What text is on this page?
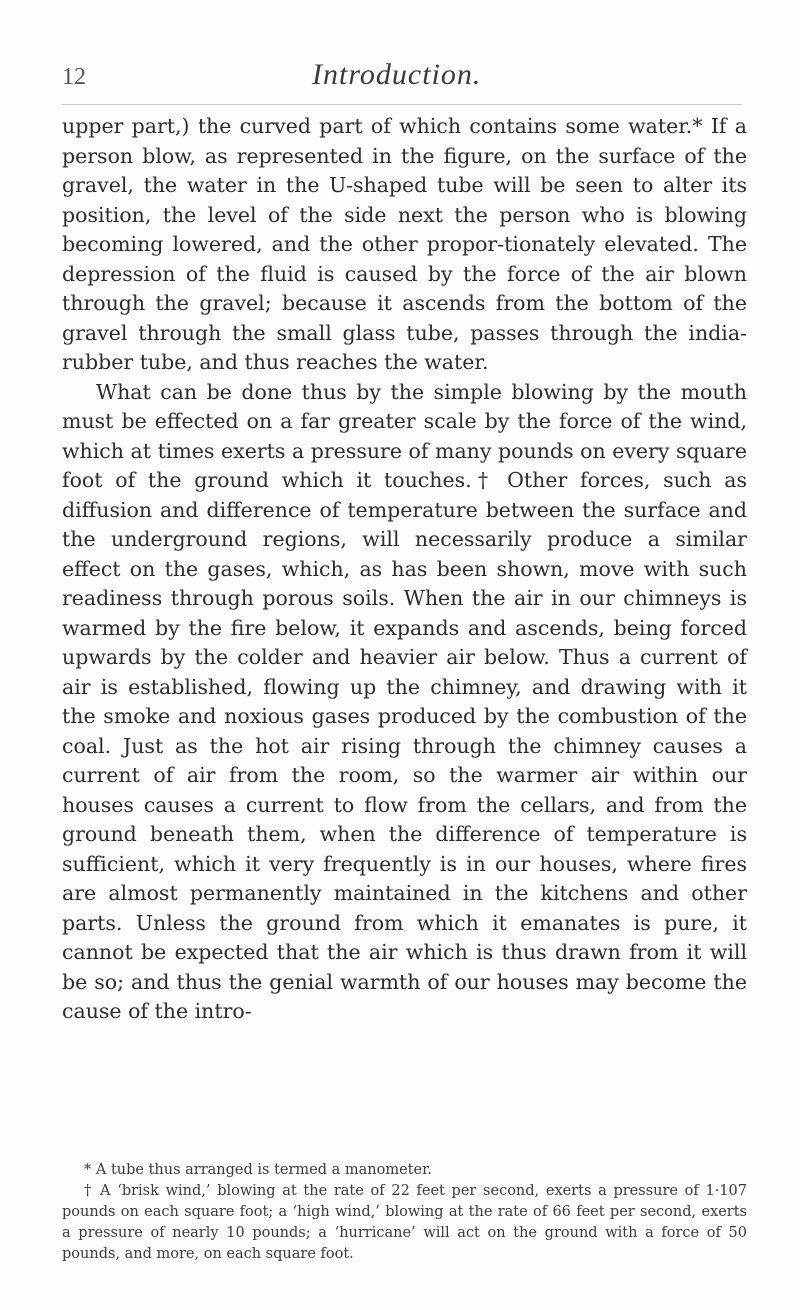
12	Introduction.

upper part,) the curved part of which contains some water.* If a person blow, as represented in the figure, on the surface of the gravel, the water in the U-shaped tube will be seen to alter its position, the level of the side next the person who is blowing becoming lowered, and the other propor-tionately elevated. The depression of the fluid is caused by the force of the air blown through the gravel; because it ascends from the bottom of the gravel through the small glass tube, passes through the india-rubber tube, and thus reaches the water.

What can be done thus by the simple blowing by the mouth must be effected on a far greater scale by the force of the wind, which at times exerts a pressure of many pounds on every square foot of the ground which it touches.† Other forces, such as diffusion and difference of temperature between the surface and the underground regions, will necessarily produce a similar effect on the gases, which, as has been shown, move with such readiness through porous soils. When the air in our chimneys is warmed by the fire below, it expands and ascends, being forced upwards by the colder and heavier air below. Thus a current of air is established, flowing up the chimney, and drawing with it the smoke and noxious gases produced by the combustion of the coal. Just as the hot air rising through the chimney causes a current of air from the room, so the warmer air within our houses causes a current to flow from the cellars, and from the ground beneath them, when the difference of temperature is sufficient, which it very frequently is in our houses, where fires are almost permanently maintained in the kitchens and other parts. Unless the ground from which it emanates is pure, it cannot be expected that the air which is thus drawn from it will be so; and thus the genial warmth of our houses may become the cause of the intro-

* A tube thus arranged is termed a manometer.

† A ‘brisk wind,’ blowing at the rate of 22 feet per second, exerts a pressure of 1·107 pounds on each square foot; a ‘high wind,’ blowing at the rate of 66 feet per second, exerts a pressure of nearly 10 pounds; a ‘hurricane’ will act on the ground with a force of 50 pounds, and more, on each square foot.
